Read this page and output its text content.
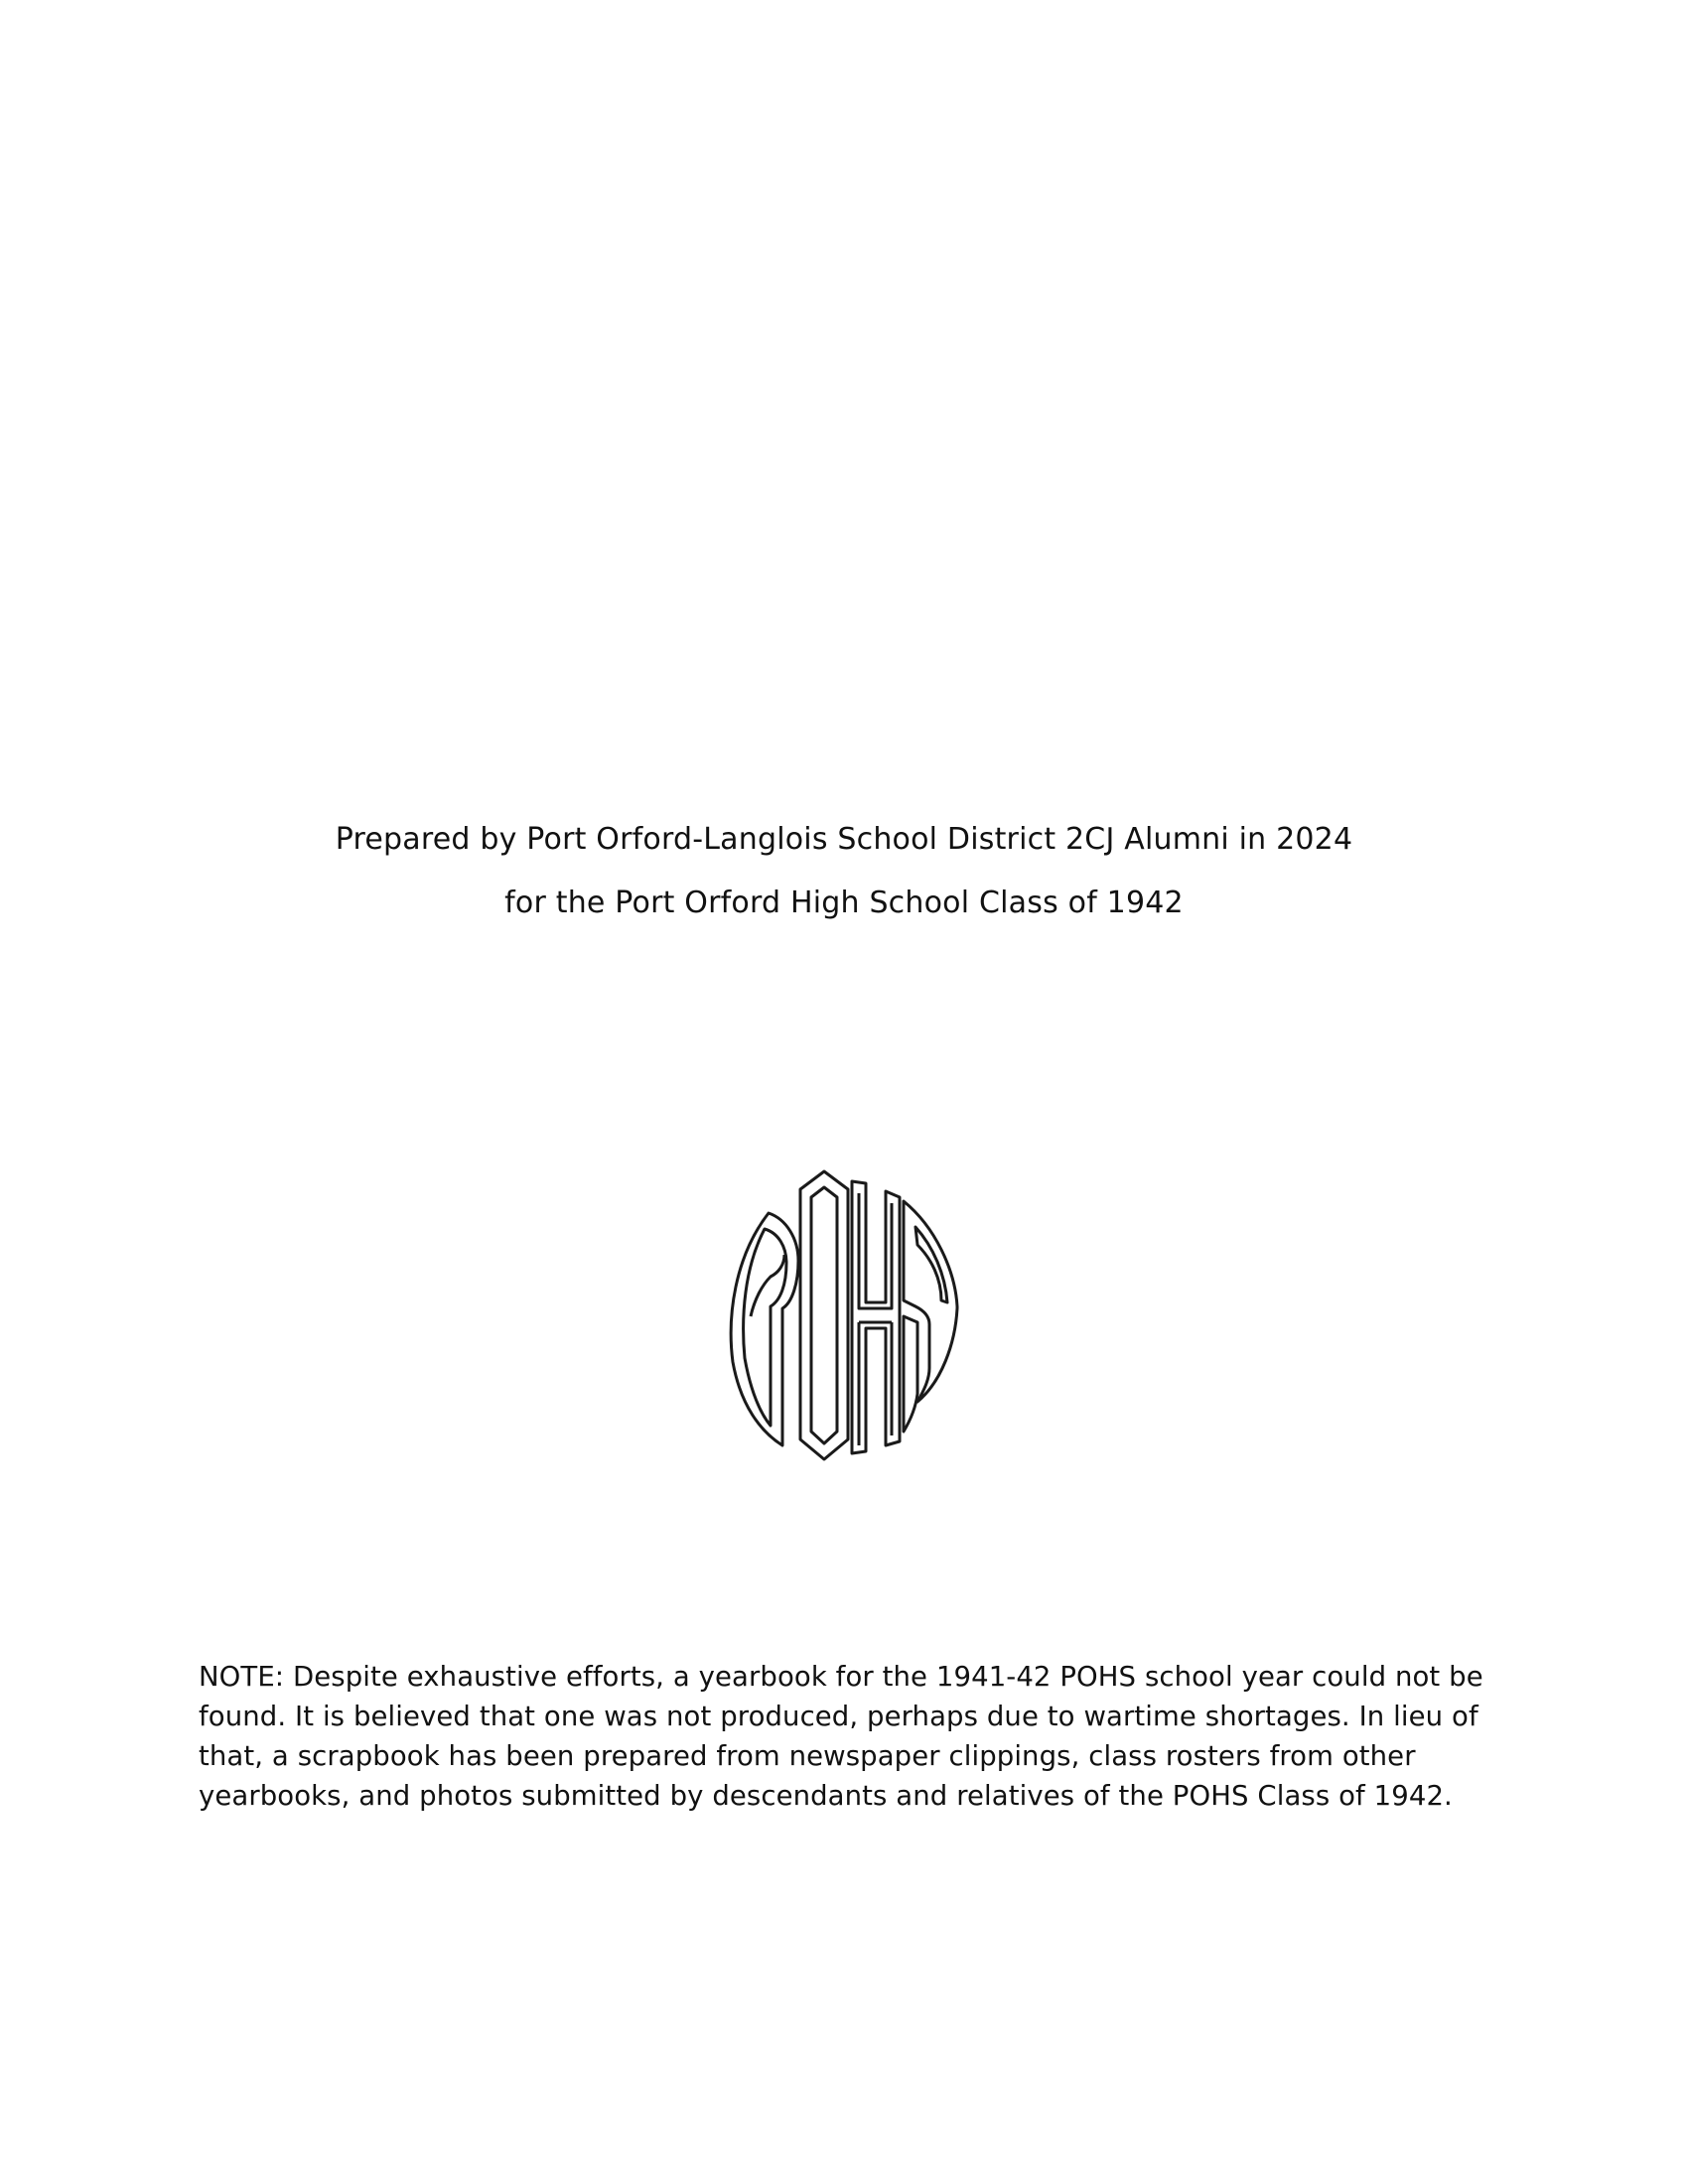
Prepared by Port Orford-Langlois School District 2CJ Alumni in 2024
for the Port Orford High School Class of 1942
NOTE: Despite exhaustive efforts, a yearbook for the 1941-42 POHS school year could not be
found. It is believed that one was not produced, perhaps due to wartime shortages. In lieu of
that, a scrapbook has been prepared from newspaper clippings, class rosters from other
yearbooks, and photos submitted by descendants and relatives of the POHS Class of 1942.
